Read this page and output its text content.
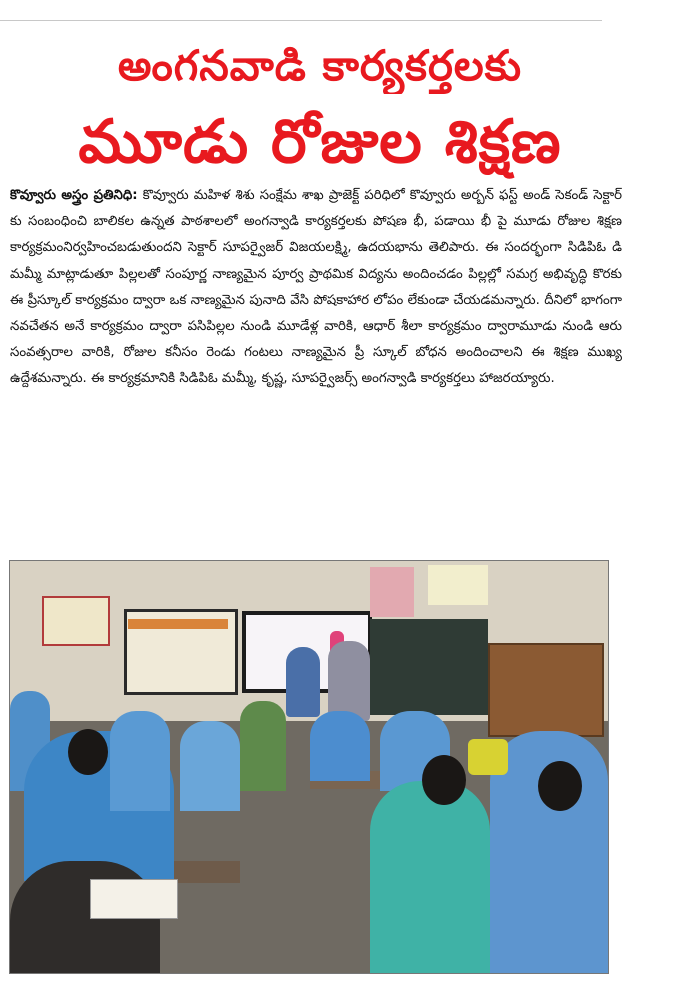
అంగనవాడి కార్యకర్తలకు
మూడు రోజుల శిక్షణ
కొవ్వూరు అస్త్రం ప్రతినిధి: కొవ్వూరు మహిళ శిశు సంక్షేమ శాఖ ప్రాజెక్ట్ పరిధిలో కొవ్వూరు అర్బన్ ఫస్ట్ అండ్ సెకండ్ సెక్టార్ కు సంబంధించి బాలికల ఉన్నత పాఠశాలలో అంగన్వాడి కార్యకర్తలకు పోషణ భీ, పడాయి భీ పై మూడు రోజుల శిక్షణ కార్యక్రమంనిర్వహించబడుతుందని సెక్టార్ సూపర్వైజర్ విజయలక్ష్మి, ఉదయభాను తెలిపారు. ఈ సందర్భంగా సిడిపిఓ డి మమ్మీ మాట్లాడుతూ పిల్లలతో సంపూర్ణ నాణ్యమైన పూర్వ ప్రాథమిక విద్యను అందించడం పిల్లల్లో సమగ్ర అభివృద్ధి కొరకు ఈ ప్రీస్కూల్ కార్యక్రమం ద్వారా ఒక నాణ్యమైన పునాది వేసి పోషకాహార లోపం లేకుండా చేయడమన్నారు. దీనిలో భాగంగా నవచేతన అనే కార్యక్రమం ద్వారా పసిపిల్లల నుండి మూడేళ్ల వారికి, ఆధార్ శీలా కార్యక్రమం ద్వారామూడు నుండి ఆరు సంవత్సరాల వారికి, రోజుల కనీసం రెండు గంటలు నాణ్యమైన ప్రీ స్కూల్ బోధన అందించాలని ఈ శిక్షణ ముఖ్య ఉద్దేశమన్నారు. ఈ కార్యక్రమానికి సిడిపిఓ మమ్మీ, కృష్ణ, సూపర్వైజర్స్ అంగన్వాడి కార్యకర్తలు హాజరయ్యారు.
